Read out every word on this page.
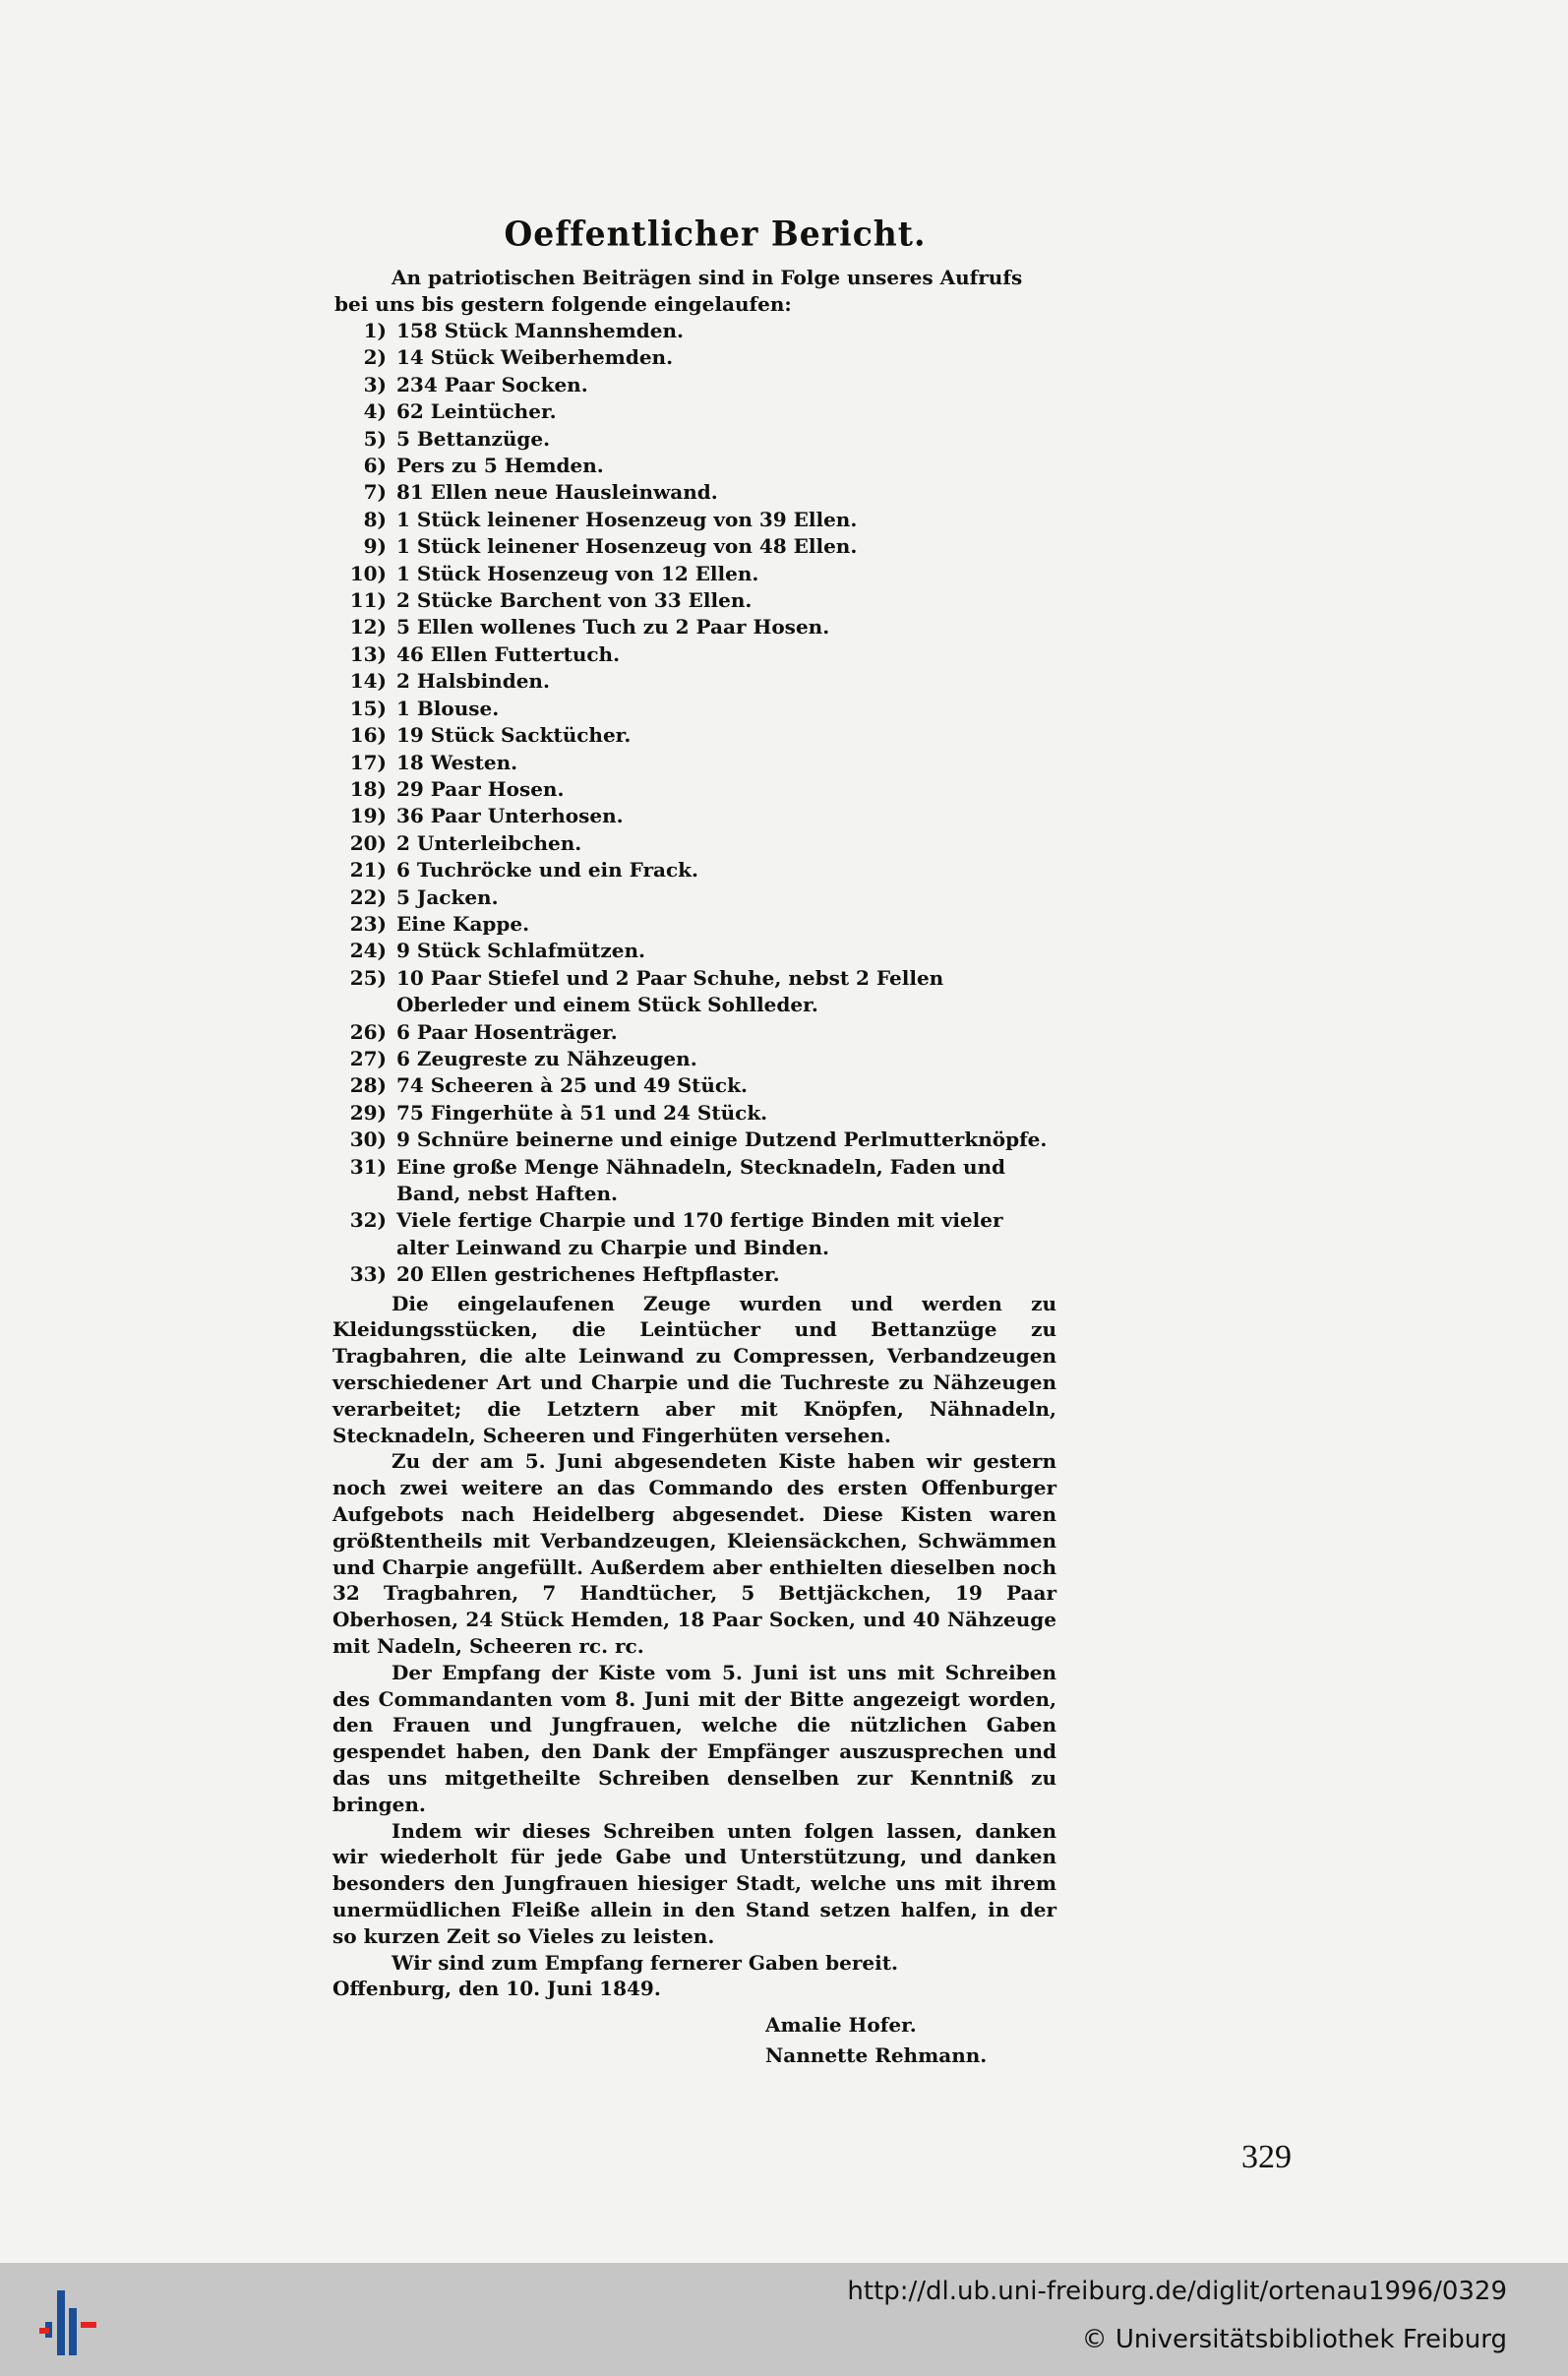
Oeffentlicher Bericht.

An patriotischen Beiträgen sind in Folge unseres Aufrufs
bei uns bis gestern folgende eingelaufen:

1) 158 Stück Mannshemden.
2) 14 Stück Weiberhemden.
3) 234 Paar Socken.
4) 62 Leintücher.
5) 5 Bettanzüge.
6) Pers zu 5 Hemden.
7) 81 Ellen neue Hausleinwand.
8) 1 Stück leinener Hosenzeug von 39 Ellen.
9) 1 Stück leinener Hosenzeug von 48 Ellen.
10) 1 Stück Hosenzeug von 12 Ellen.
11) 2 Stücke Barchent von 33 Ellen.
12) 5 Ellen wollenes Tuch zu 2 Paar Hosen.
13) 46 Ellen Futtertuch.
14) 2 Halsbinden.
15) 1 Blouse.
16) 19 Stück Sacktücher.
17) 18 Westen.
18) 29 Paar Hosen.
19) 36 Paar Unterhosen.
20) 2 Unterleibchen.
21) 6 Tuchröcke und ein Frack.
22) 5 Jacken.
23) Eine Kappe.
24) 9 Stück Schlafmützen.
25) 10 Paar Stiefel und 2 Paar Schuhe, nebst 2 Fellen Oberleder und einem Stück Sohlleder.
26) 6 Paar Hosenträger.
27) 6 Zeugreste zu Nähzeugen.
28) 74 Scheeren à 25 und 49 Stück.
29) 75 Fingerhüte à 51 und 24 Stück.
30) 9 Schnüre beinerne und einige Dutzend Perlmutterknöpfe.
31) Eine große Menge Nähnadeln, Stecknadeln, Faden und Band, nebst Haften.
32) Viele fertige Charpie und 170 fertige Binden mit vieler alter Leinwand zu Charpie und Binden.
33) 20 Ellen gestrichenes Heftpflaster.

Die eingelaufenen Zeuge wurden und werden zu Kleidungsstücken, die Leintücher und Bettanzüge zu Tragbahren, die alte Leinwand zu Compressen, Verbandzeugen verschiedener Art und Charpie und die Tuchreste zu Nähzeugen verarbeitet; die Letztern aber mit Knöpfen, Nähnadeln, Stecknadeln, Scheeren und Fingerhüten versehen.

Zu der am 5. Juni abgesendeten Kiste haben wir gestern noch zwei weitere an das Commando des ersten Offenburger Aufgebots nach Heidelberg abgesendet. Diese Kisten waren größtentheils mit Verbandzeugen, Kleiensäckchen, Schwämmen und Charpie angefüllt. Außerdem aber enthielten dieselben noch 32 Tragbahren, 7 Handtücher, 5 Bettjäckchen, 19 Paar Oberhosen, 24 Stück Hemden, 18 Paar Socken, und 40 Nähzeuge mit Nadeln, Scheeren rc. rc.

Der Empfang der Kiste vom 5. Juni ist uns mit Schreiben des Commandanten vom 8. Juni mit der Bitte angezeigt worden, den Frauen und Jungfrauen, welche die nützlichen Gaben gespendet haben, den Dank der Empfänger auszusprechen und das uns mitgetheilte Schreiben denselben zur Kenntniß zu bringen.

Indem wir dieses Schreiben unten folgen lassen, danken wir wiederholt für jede Gabe und Unterstützung, und danken besonders den Jungfrauen hiesiger Stadt, welche uns mit ihrem unermüdlichen Fleiße allein in den Stand setzen halfen, in der so kurzen Zeit so Vieles zu leisten.

Wir sind zum Empfang fernerer Gaben bereit.

Offenburg, den 10. Juni 1849.

Amalie Hofer.
Nannette Rehmann.
329
http://dl.ub.uni-freiburg.de/diglit/ortenau1996/0329
© Universitätsbibliothek Freiburg
